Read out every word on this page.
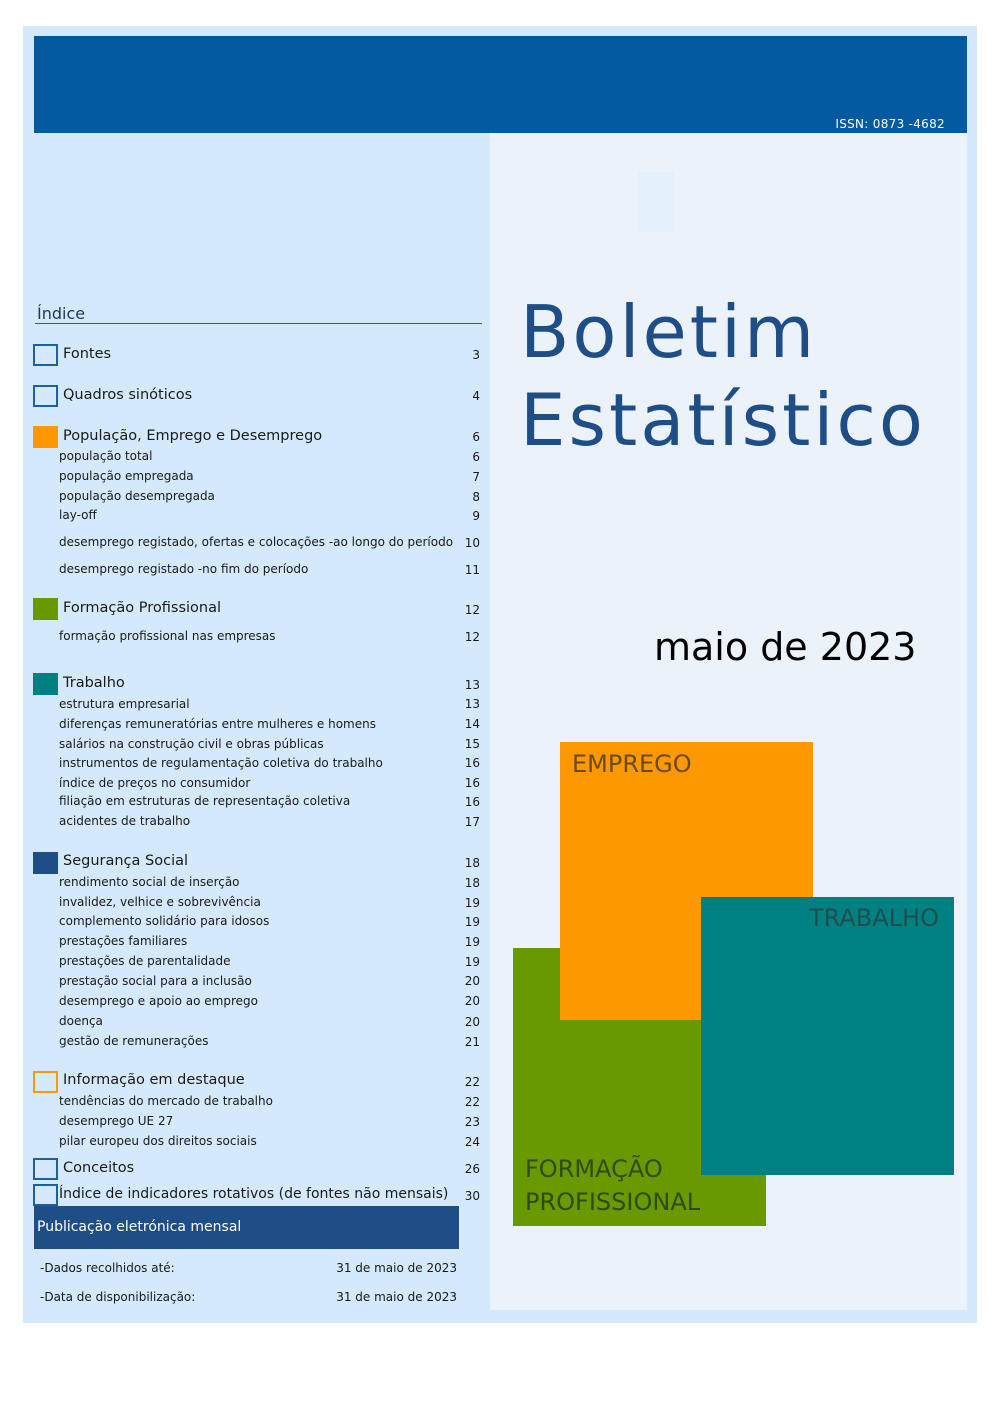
ISSN: 0873 -4682
Boletim
Estatístico
maio de 2023
EMPREGO
TRABALHO
FORMAÇÃO
PROFISSIONAL
Índice
Fontes	3
Quadros sinóticos	4
População, Emprego e Desemprego	6
população total	6
população empregada	7
população desempregada	8
lay-off	9
desemprego registado, ofertas e colocações -ao longo do período 10
desemprego registado -no fim do período	11
Formação Profissional	12
formação profissional nas empresas	12
Trabalho	13
estrutura empresarial	13
diferenças remuneratórias entre mulheres e homens	14
salários na construção civil e obras públicas	15
instrumentos de regulamentação coletiva do trabalho	16
índice de preços no consumidor	16
filiação em estruturas de representação coletiva	16
acidentes de trabalho	17
Segurança Social	18
rendimento social de inserção	18
invalidez, velhice e sobrevivência	19
complemento solidário para idosos	19
prestações familiares	19
prestações de parentalidade	19
prestação social para a inclusão	20
desemprego e apoio ao emprego	20
doença	20
gestão de remunerações	21
Informação em destaque	22
tendências do mercado de trabalho	22
desemprego UE 27	23
pilar europeu dos direitos sociais	24
Conceitos	26
Índice de indicadores rotativos (de fontes não mensais) 30
Publicação eletrónica mensal
-Dados recolhidos até:	31 de maio de 2023
-Data de disponibilização:	31 de maio de 2023
